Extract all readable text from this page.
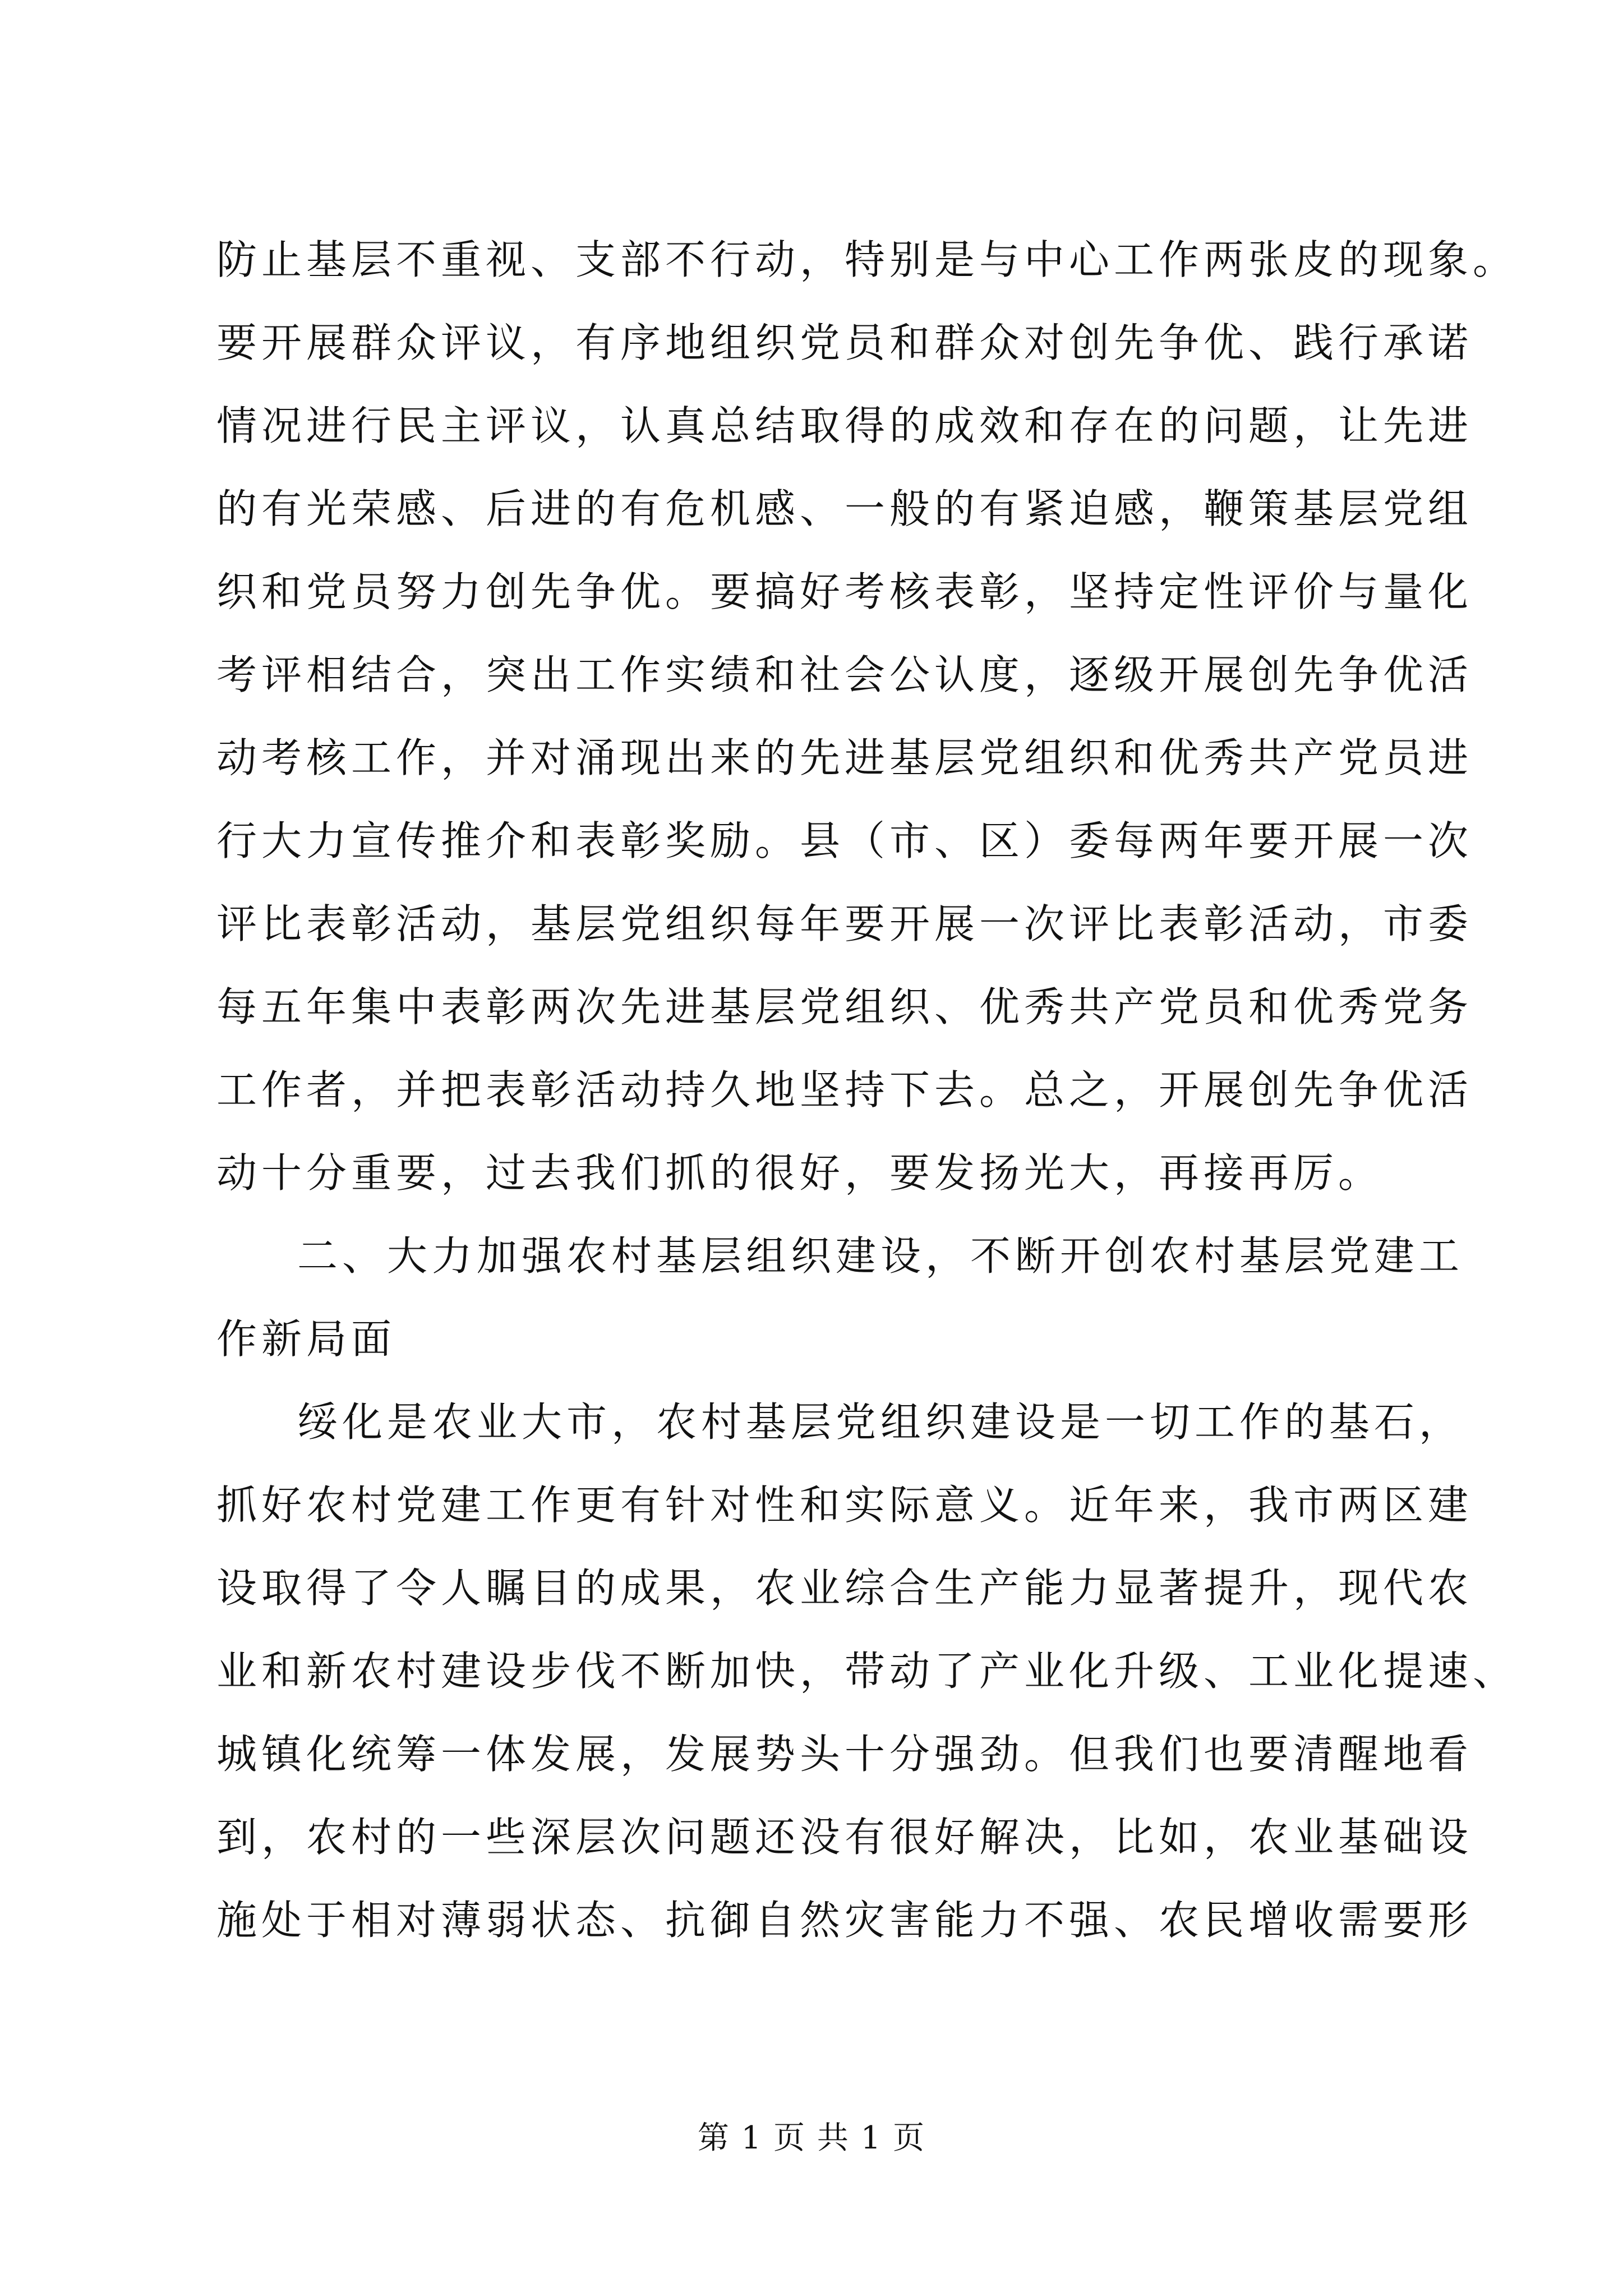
防止基层不重视、支部不行动，特别是与中心工作两张皮的现象。
要开展群众评议，有序地组织党员和群众对创先争优、践行承诺
情况进行民主评议，认真总结取得的成效和存在的问题，让先进
的有光荣感、后进的有危机感、一般的有紧迫感，鞭策基层党组
织和党员努力创先争优。要搞好考核表彰，坚持定性评价与量化
考评相结合，突出工作实绩和社会公认度，逐级开展创先争优活
动考核工作，并对涌现出来的先进基层党组织和优秀共产党员进
行大力宣传推介和表彰奖励。县（市、区）委每两年要开展一次
评比表彰活动，基层党组织每年要开展一次评比表彰活动，市委
每五年集中表彰两次先进基层党组织、优秀共产党员和优秀党务
工作者，并把表彰活动持久地坚持下去。总之，开展创先争优活
动十分重要，过去我们抓的很好，要发扬光大，再接再厉。
二、大力加强农村基层组织建设，不断开创农村基层党建工
作新局面
绥化是农业大市，农村基层党组织建设是一切工作的基石，
抓好农村党建工作更有针对性和实际意义。近年来，我市两区建
设取得了令人瞩目的成果，农业综合生产能力显著提升，现代农
业和新农村建设步伐不断加快，带动了产业化升级、工业化提速、
城镇化统筹一体发展，发展势头十分强劲。但我们也要清醒地看
到，农村的一些深层次问题还没有很好解决，比如，农业基础设
施处于相对薄弱状态、抗御自然灾害能力不强、农民增收需要形
第 1 页 共 1 页
